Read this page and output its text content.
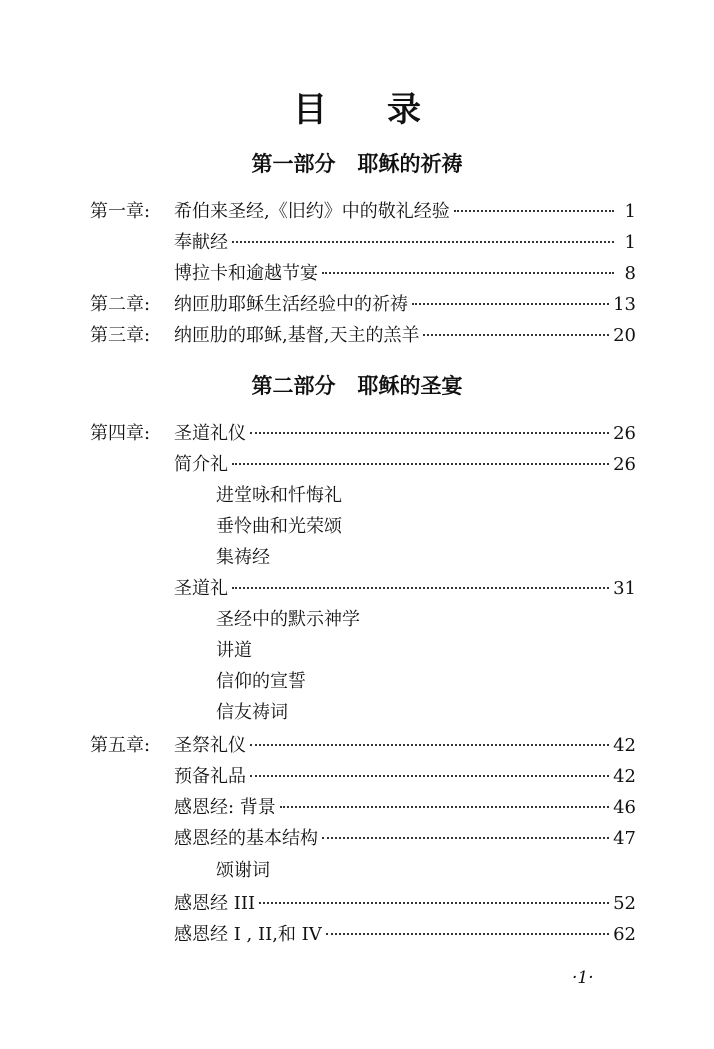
目 录
第一部分 耶稣的祈祷
第一章:	希伯来圣经,《旧约》中的敬礼经验	1
奉献经	1
博拉卡和逾越节宴	8
第二章:	纳匝肋耶稣生活经验中的祈祷	13
第三章:	纳匝肋的耶稣,基督,天主的羔羊	20
第二部分 耶稣的圣宴
第四章:	圣道礼仪	26
简介礼	26
进堂咏和忏悔礼
垂怜曲和光荣颂
集祷经
圣道礼	31
圣经中的默示神学
讲道
信仰的宣誓
信友祷词
第五章:	圣祭礼仪	42
预备礼品	42
感恩经: 背景	46
感恩经的基本结构	47
颂谢词
感恩经 III	52
感恩经 I , II,和 IV	62
·1·
